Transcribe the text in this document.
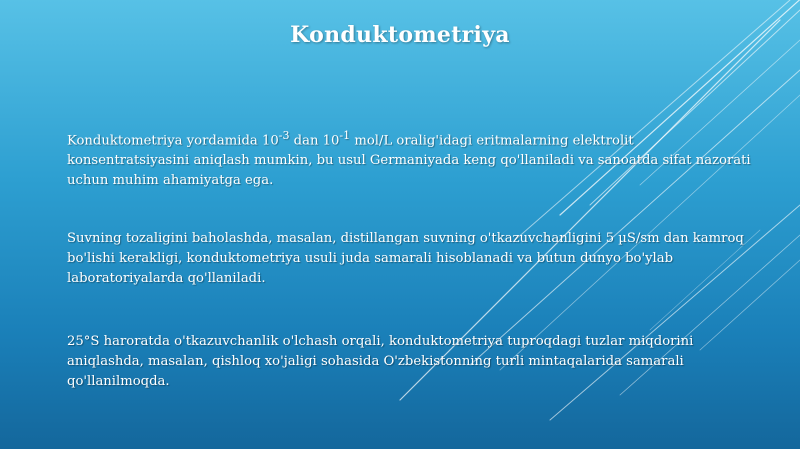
Konduktometriya
Konduktometriya yordamida $10^{-3}$ dan $10^{-1}$ mol/L oralig'idagi eritmalarning elektrolit konsentratsiyasini aniqlash mumkin, bu usul Germaniyada keng qo'llaniladi va sanoatda sifat nazorati uchun muhim ahamiyatga ega.
Suvning tozaligini baholashda, masalan, distillangan suvning o'tkazuvchanligini 5 µS/sm dan kamroq bo'lishi kerakligi, konduktometriya usuli juda samarali hisoblanadi va butun dunyo bo'ylab laboratoriyalarda qo'llaniladi.
25°S haroratda o'tkazuvchanlik o'lchash orqali, konduktometriya tuproqdagi tuzlar miqdorini aniqlashda, masalan, qishloq xo'jaligi sohasida O'zbekistonning turli mintaqalarida samarali qo'llanilmoqda.
